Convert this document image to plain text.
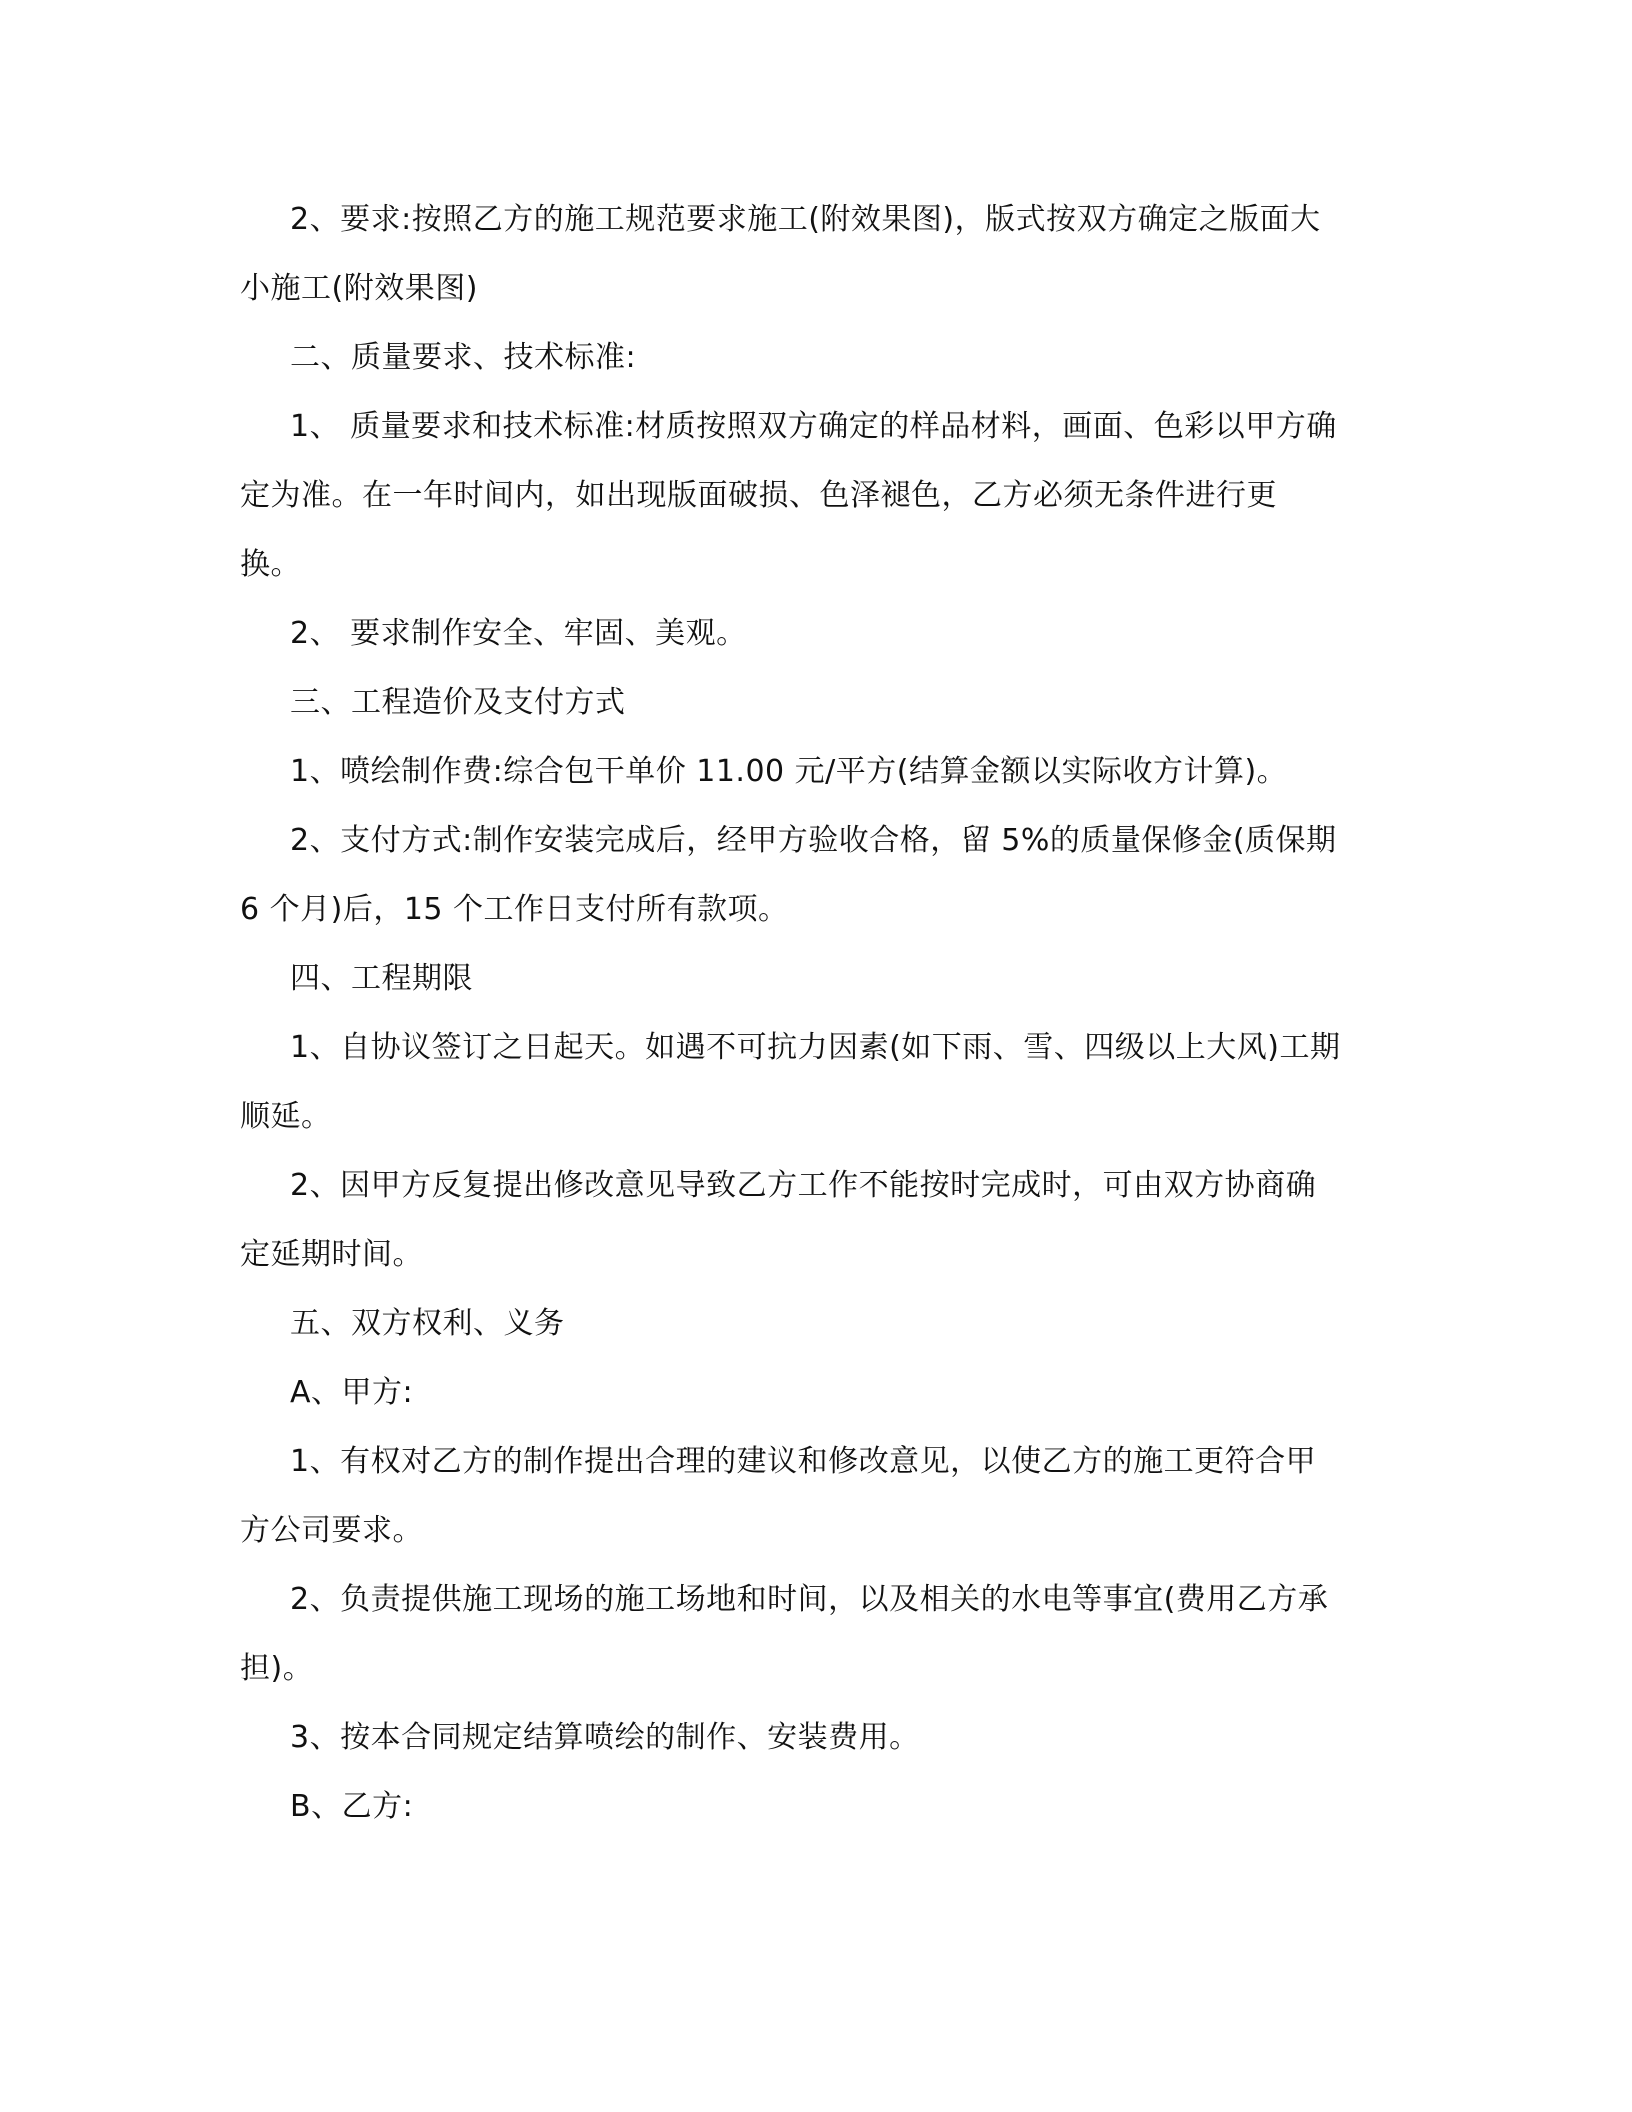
2、要求:按照乙方的施工规范要求施工(附效果图)，版式按双方确定之版面大
小施工(附效果图)
二、质量要求、技术标准:
1、 质量要求和技术标准:材质按照双方确定的样品材料，画面、色彩以甲方确
定为准。在一年时间内，如出现版面破损、色泽褪色，乙方必须无条件进行更
换。
2、 要求制作安全、牢固、美观。
三、工程造价及支付方式
1、喷绘制作费:综合包干单价 11.00 元/平方(结算金额以实际收方计算)。
2、支付方式:制作安装完成后，经甲方验收合格，留 5%的质量保修金(质保期
6 个月)后，15 个工作日支付所有款项。
四、工程期限
1、自协议签订之日起天。如遇不可抗力因素(如下雨、雪、四级以上大风)工期
顺延。
2、因甲方反复提出修改意见导致乙方工作不能按时完成时，可由双方协商确
定延期时间。
五、双方权利、义务
A、甲方:
1、有权对乙方的制作提出合理的建议和修改意见，以使乙方的施工更符合甲
方公司要求。
2、负责提供施工现场的施工场地和时间，以及相关的水电等事宜(费用乙方承
担)。
3、按本合同规定结算喷绘的制作、安装费用。
B、乙方:
